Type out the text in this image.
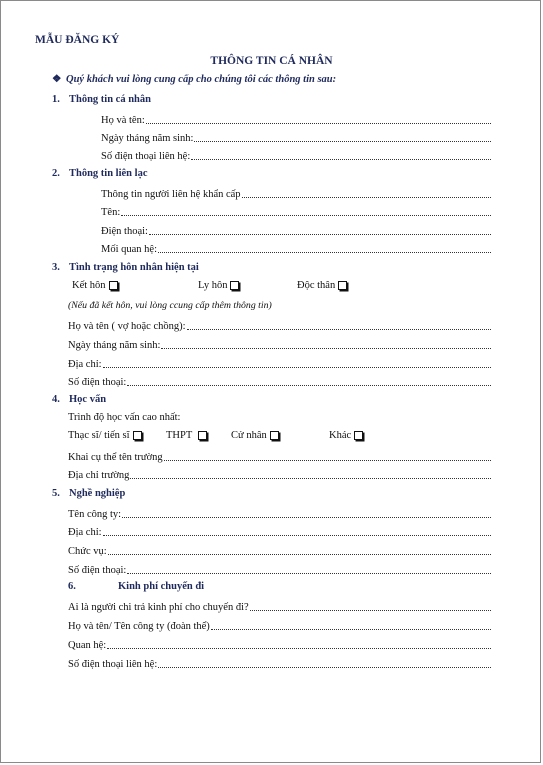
MẪU ĐĂNG KÝ
THÔNG TIN CÁ NHÂN
❖ Quý khách vui lòng cung cấp cho chúng tôi các thông tin sau:
1. Thông tin cá nhân
Họ và tên:
Ngày tháng năm sinh:
Số điện thoại liên hệ:
2. Thông tin liên lạc
Thông tin người liên hệ khẩn cấp
Tên:
Điện thoại:
Mối quan hệ:
3. Tình trạng hôn nhân hiện tại
Kết hôn	Ly hôn	Độc thân
(Nếu đã kết hôn, vui lòng ccung cấp thêm thông tin)
Họ và tên ( vợ hoặc chồng):
Ngày tháng năm sinh:
Địa chỉ:
Số điện thoại:
4. Học vấn
Trình độ học vấn cao nhất:
Thạc sĩ/ tiến sĩ	THPT	Cử nhân	Khác
Khai cụ thể tên trường
Địa chỉ trường
5. Nghề nghiệp
Tên công ty:
Địa chỉ:
Chức vụ:
Số điện thoại:
6.	Kinh phí chuyến đi
Ai là người chi trả kinh phí cho chuyến đi?
Họ và tên/ Tên công ty (đoàn thể)
Quan hệ:
Số điện thoại liên hệ:
